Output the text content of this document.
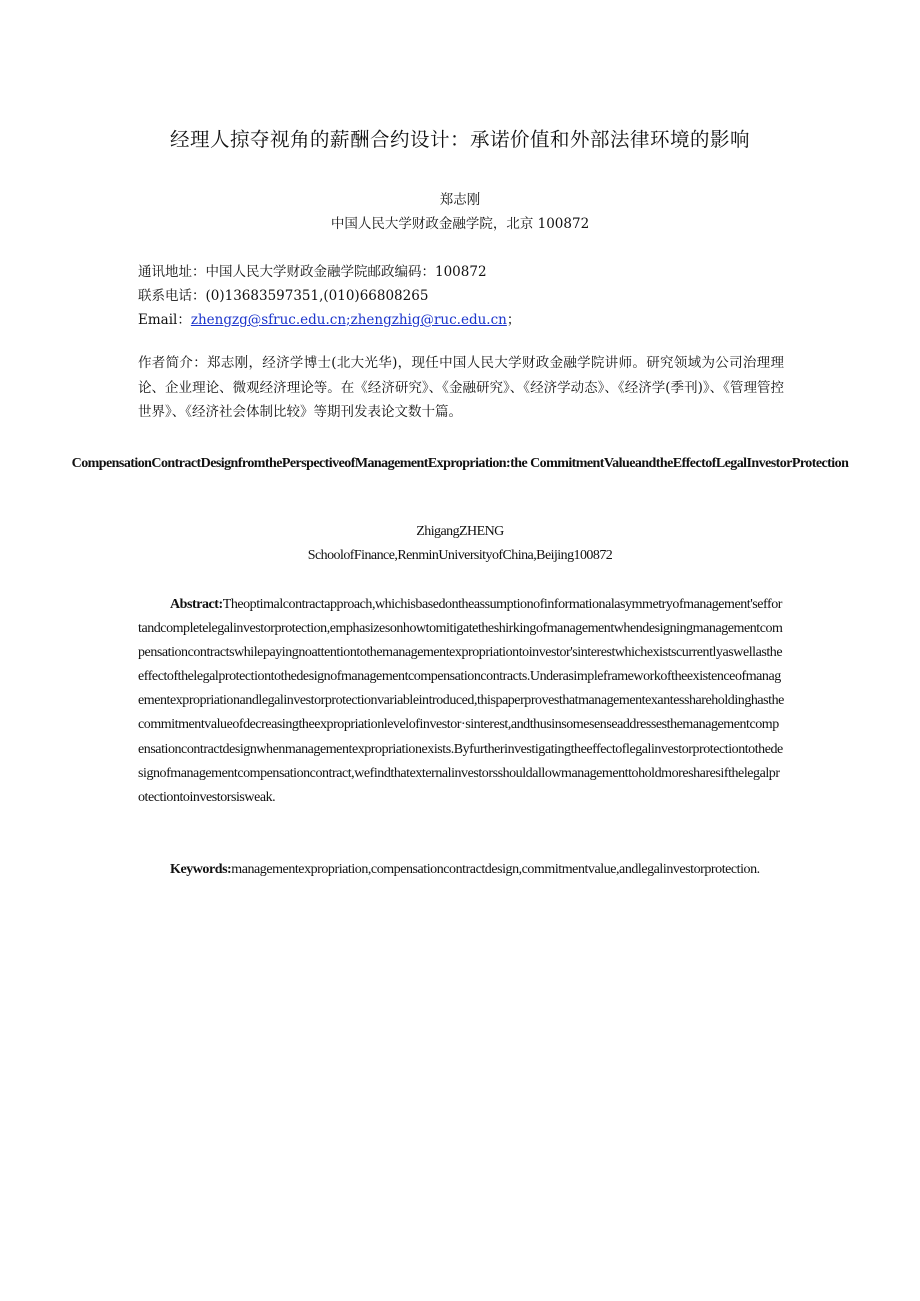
经理人掠夺视角的薪酬合约设计：承诺价值和外部法律环境的影响
郑志刚
中国人民大学财政金融学院，北京 100872
通讯地址：中国人民大学财政金融学院邮政编码：100872
联系电话：(0)13683597351,(010)66808265
Email：zhengzg@sfruc.edu.cn;zhengzhig@ruc.edu.cn；
作者简介：郑志刚，经济学博士(北大光华)，现任中国人民大学财政金融学院讲师。研究领域为公司治理理论、企业理论、微观经济理论等。在《经济研究》、《金融研究》、《经济学动态》、《经济学(季刊)》、《管理管控世界》、《经济社会体制比较》等期刊发表论文数十篇。
CompensationContractDesignfromthePerspectiveofManagementExpropriation:the CommitmentValueandtheEffectofLegalInvestorProtection
ZhigangZHENG
SchoolofFinance,RenminUniversityofChina,Beijing100872
Abstract:Theoptimalcontractapproach,whichisbasedontheassumptionofinformationalasymmetryofmanagement'seffortandcompletelegalinvestorprotection,emphasizesonhowtomitigatetheshirkingofmanagementwhendesigningmanagementcompensationcontractswhilepayingnoattentiontothemanagementexpropriationtoinvestor'sinterestwhichexistscurrentlyaswellastheeffectofthelegalprotectiontothedesignofmanagementcompensationcontracts.Underasimpleframeworkoftheexistenceofmanagementexpropriationandlegalinvestorprotectionvariableintroduced,thispaperprovesthatmanagementexantesshareholdinghasthecommitmentvalueofdecreasingtheexpropriationlevelofinvestor·sinterest,andthusinsomesenseaddressesthemanagementcompensationcontractdesignwhenmanagementexpropriationexists.Byfurtherinvestigatingtheeffectoflegalinvestorprotectiontothedesignofmanagementcompensationcontract,wefindthatexternalinvestorsshouldallowmanagementtoholdmoresharesifthelegalprotectiontoinvestorsisweak.
Keywords:managementexpropriation,compensationcontractdesign,commitmentvalue,andlegalinvestorprotection.
